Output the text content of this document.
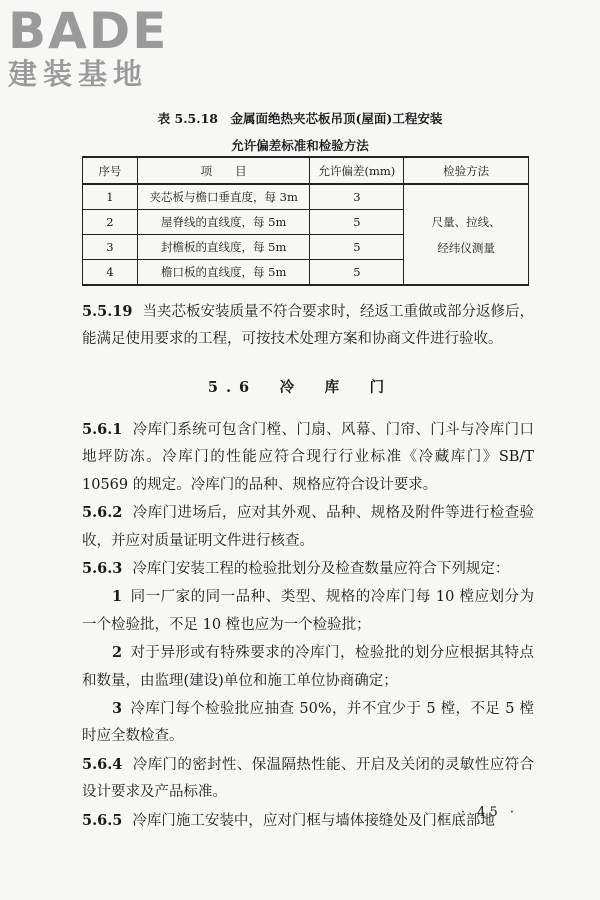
BADE
建装基地
表 5.5.18　金属面绝热夹芯板吊顶(屋面)工程安装
允许偏差标准和检验方法
序号	项　　目	允许偏差(mm)	检验方法
1	夹芯板与檐口垂直度，每 3m	3	尺量、拉线、
经纬仪测量

2	屋脊线的直线度，每 5m	5	
3	封檐板的直线度，每 5m	5	
4	檐口板的直线度，每 5m	5	
5.5.19 当夹芯板安装质量不符合要求时，经返工重做或部分返修后，能满足使用要求的工程，可按技术处理方案和协商文件进行验收。
5.6　冷　库　门
5.6.1 冷库门系统可包含门樘、门扇、风幕、门帘、门斗与冷库门口地坪防冻。冷库门的性能应符合现行行业标准《冷藏库门》SB/T 10569 的规定。冷库门的品种、规格应符合设计要求。
5.6.2 冷库门进场后，应对其外观、品种、规格及附件等进行检查验收，并应对质量证明文件进行核查。
5.6.3 冷库门安装工程的检验批划分及检查数量应符合下列规定：
1 同一厂家的同一品种、类型、规格的冷库门每 10 樘应划分为一个检验批，不足 10 樘也应为一个检验批；
2 对于异形或有特殊要求的冷库门，检验批的划分应根据其特点和数量，由监理(建设)单位和施工单位协商确定；
3 冷库门每个检验批应抽查 50%，并不宜少于 5 樘，不足 5 樘时应全数检查。
5.6.4 冷库门的密封性、保温隔热性能、开启及关闭的灵敏性应符合设计要求及产品标准。
5.6.5 冷库门施工安装中，应对门框与墙体接缝处及门框底部地
· 45 ·
